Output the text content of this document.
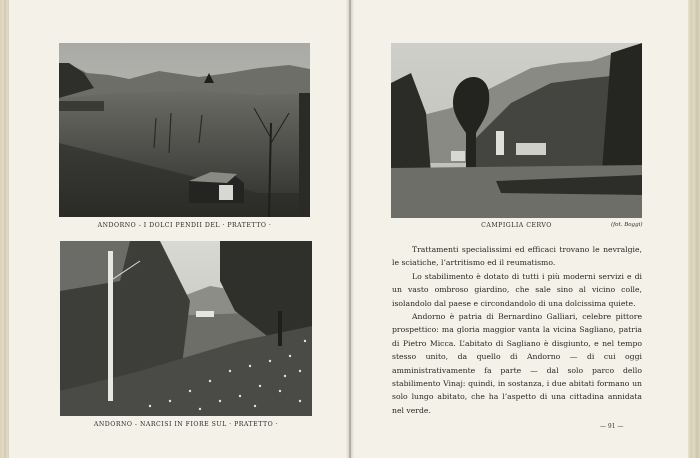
ANDORNO - I DOLCI PENDII DEL · PRATETTO ·
ANDORNO - NARCISI IN FIORE SUL · PRATETTO ·
CAMPIGLIA CERVO	(fot. Boggi)

Trattamenti specialissimi ed efficaci trovano le nevralgie, le sciatiche, l’artritismo ed il reumatismo.

Lo stabilimento è dotato di tutti i più moderni servizi e di un vasto ombroso giardino, che sale sino al vicino colle, isolandolo dal paese e circondandolo di una dolcissima quiete.

Andorno è patria di Bernardino Galliari, celebre pittore prospettico: ma gloria maggior vanta la vicina Sagliano, patria di Pietro Micca. L’abitato di Sagliano è disgiunto, e nel tempo stesso unito, da quello di Andorno — di cui oggi amministrativamente fa parte — dal solo parco dello stabilimento Vinaj: quindi, in sostanza, i due abitati formano un solo lungo abitato, che ha l’aspetto di una cittadina annidata nel verde.

— 91 —
